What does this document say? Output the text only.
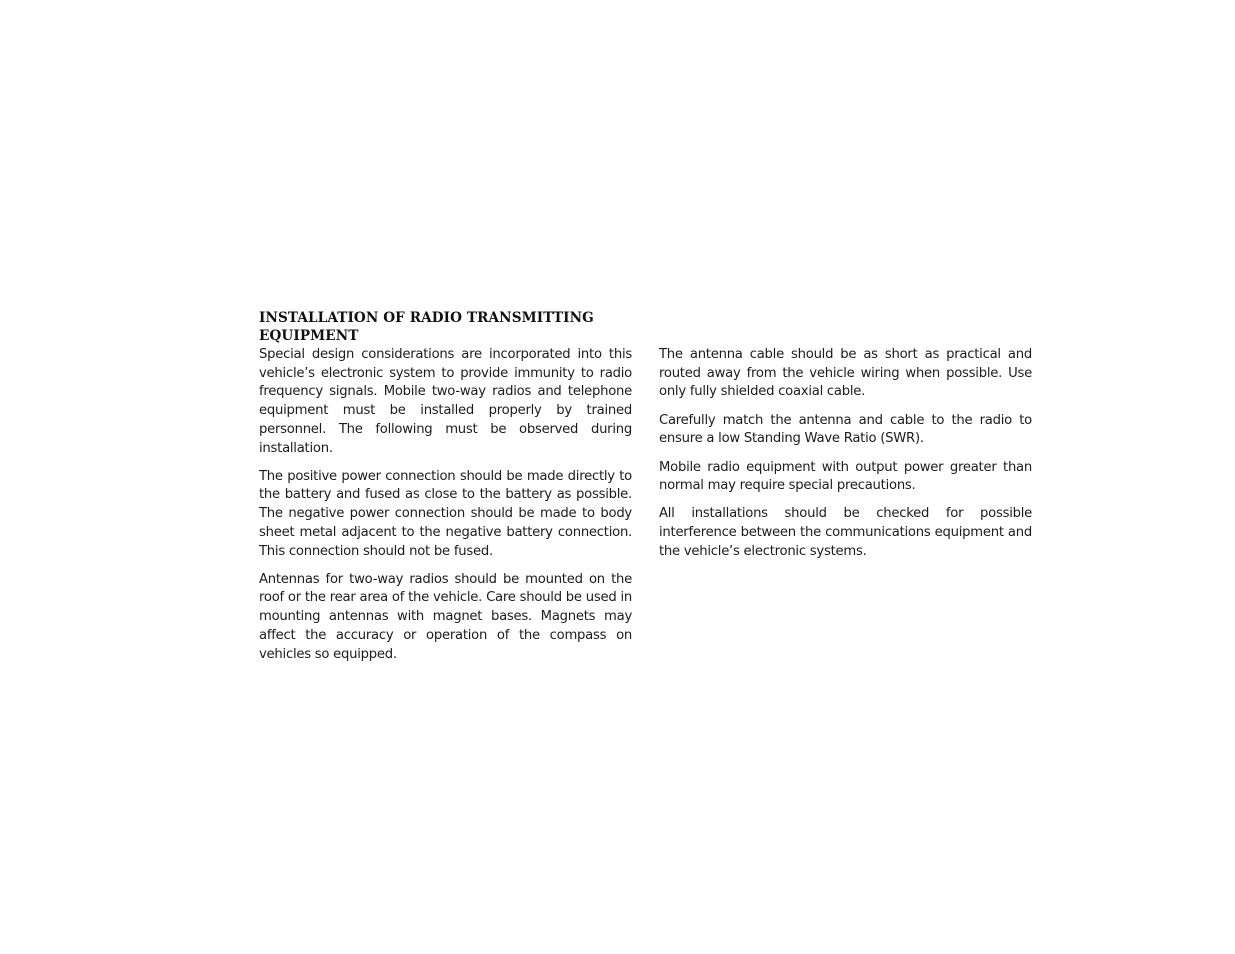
INSTALLATION OF RADIO TRANSMITTING EQUIPMENT

Special design considerations are incorporated into this vehicle’s electronic system to provide immunity to radio frequency signals. Mobile two-way radios and telephone equipment must be installed properly by trained personnel. The following must be observed during installation.

The positive power connection should be made directly to the battery and fused as close to the battery as possible. The negative power connection should be made to body sheet metal adjacent to the negative battery connection. This connection should not be fused.

Antennas for two-way radios should be mounted on the roof or the rear area of the vehicle. Care should be used in mounting antennas with magnet bases. Magnets may affect the accuracy or operation of the compass on vehicles so equipped.

The antenna cable should be as short as practical and routed away from the vehicle wiring when possible. Use only fully shielded coaxial cable.

Carefully match the antenna and cable to the radio to ensure a low Standing Wave Ratio (SWR).

Mobile radio equipment with output power greater than normal may require special precautions.

All installations should be checked for possible interference between the communications equipment and the vehicle’s electronic systems.
